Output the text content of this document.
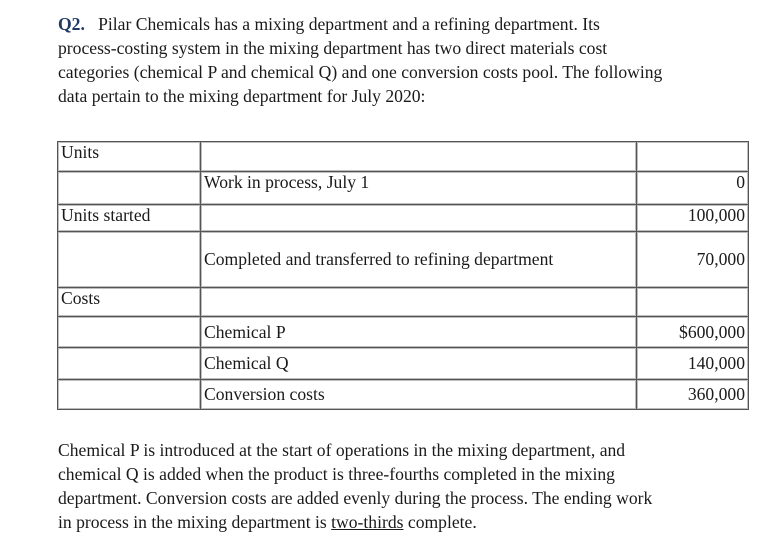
Q2. Pilar Chemicals has a mixing department and a refining department. Its
process-costing system in the mixing department has two direct materials cost
categories (chemical P and chemical Q) and one conversion costs pool. The following
data pertain to the mixing department for July 2020:
Units		
	Work in process, July 1	0
Units started		100,000
	Completed and transferred to refining department	70,000
Costs		
	Chemical P	$600,000
	Chemical Q	140,000
	Conversion costs	360,000
Chemical P is introduced at the start of operations in the mixing department, and
chemical Q is added when the product is three-fourths completed in the mixing
department. Conversion costs are added evenly during the process. The ending work
in process in the mixing department is two-thirds complete.
